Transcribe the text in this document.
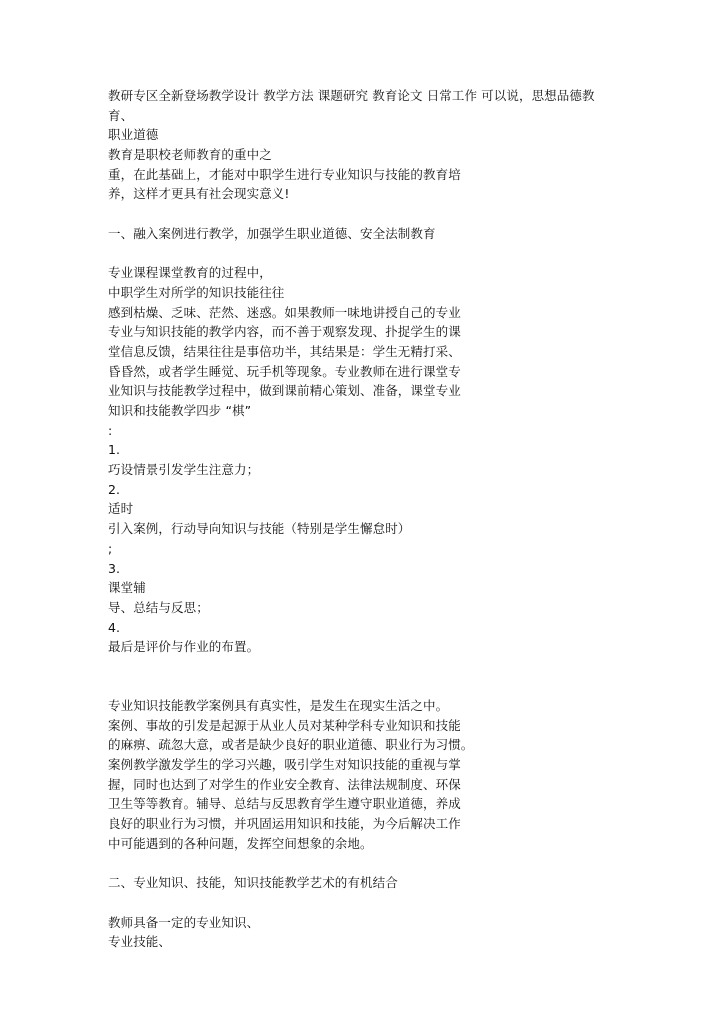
教研专区全新登场教学设计 教学方法 课题研究 教育论文 日常工作 可以说，思想品德教
育、
职业道德
教育是职校老师教育的重中之
重，在此基础上，才能对中职学生进行专业知识与技能的教育培
养，这样才更具有社会现实意义!
一、融入案例进行教学，加强学生职业道德、安全法制教育
专业课程课堂教育的过程中，
中职学生对所学的知识技能往往
感到枯燥、乏味、茫然、迷惑。如果教师一味地讲授自己的专业
专业与知识技能的教学内容，而不善于观察发现、扑捉学生的课
堂信息反馈，结果往往是事倍功半，其结果是：学生无精打采、
昏昏然，或者学生睡觉、玩手机等现象。专业教师在进行课堂专
业知识与技能教学过程中，做到课前精心策划、准备，课堂专业
知识和技能教学四步 “棋”
:
1.
巧设情景引发学生注意力；
2.
适时
引入案例，行动导向知识与技能（特别是学生懈怠时）
;
3.
课堂辅
导、总结与反思；
4.
最后是评价与作业的布置。
专业知识技能教学案例具有真实性，是发生在现实生活之中。
案例、事故的引发是起源于从业人员对某种学科专业知识和技能
的麻痹、疏忽大意，或者是缺少良好的职业道德、职业行为习惯。
案例教学激发学生的学习兴趣，吸引学生对知识技能的重视与掌
握，同时也达到了对学生的作业安全教育、法律法规制度、环保
卫生等等教育。辅导、总结与反思教育学生遵守职业道德，养成
良好的职业行为习惯，并巩固运用知识和技能，为今后解决工作
中可能遇到的各种问题，发挥空间想象的余地。
二、专业知识、技能，知识技能教学艺术的有机结合
教师具备一定的专业知识、
专业技能、
